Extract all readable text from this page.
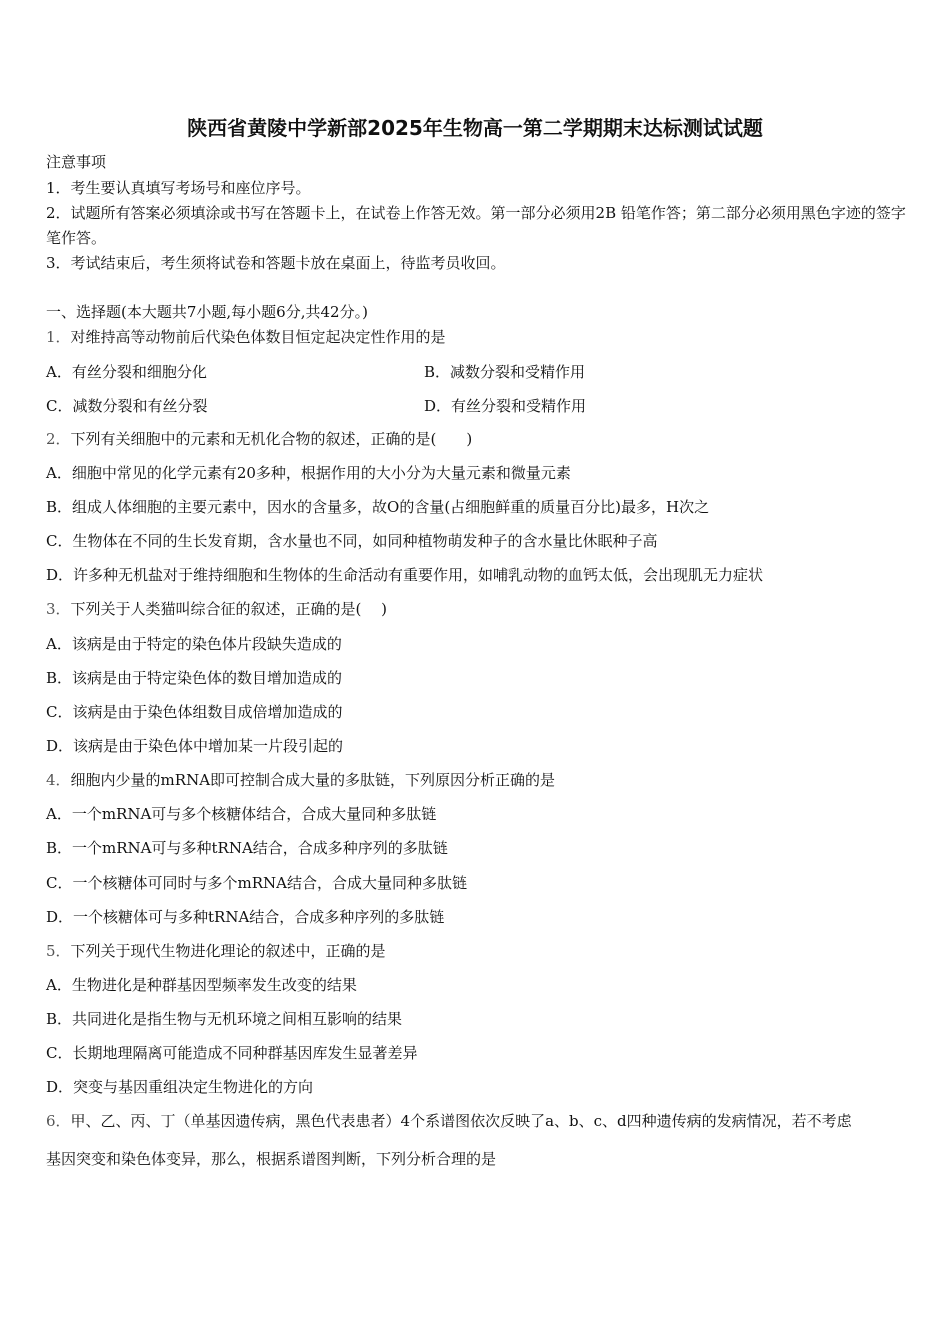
陕西省黄陵中学新部2025年生物高一第二学期期末达标测试试题
注意事项
1．考生要认真填写考场号和座位序号。
2．试题所有答案必须填涂或书写在答题卡上，在试卷上作答无效。第一部分必须用2B 铅笔作答；第二部分必须用黑色字迹的签字笔作答。
3．考试结束后，考生须将试卷和答题卡放在桌面上，待监考员收回。
一、选择题(本大题共7小题,每小题6分,共42分。)
1．对维持高等动物前后代染色体数目恒定起决定性作用的是
A．有丝分裂和细胞分化	B．减数分裂和受精作用
C．减数分裂和有丝分裂	D．有丝分裂和受精作用
2．下列有关细胞中的元素和无机化合物的叙述，正确的是(　　)
A．细胞中常见的化学元素有20多种，根据作用的大小分为大量元素和微量元素
B．组成人体细胞的主要元素中，因水的含量多，故O的含量(占细胞鲜重的质量百分比)最多，H次之
C．生物体在不同的生长发育期，含水量也不同，如同种植物萌发种子的含水量比休眠种子高
D．许多种无机盐对于维持细胞和生物体的生命活动有重要作用，如哺乳动物的血钙太低，会出现肌无力症状
3．下列关于人类猫叫综合征的叙述，正确的是(　 )
A．该病是由于特定的染色体片段缺失造成的
B．该病是由于特定染色体的数目增加造成的
C．该病是由于染色体组数目成倍增加造成的
D．该病是由于染色体中增加某一片段引起的
4．细胞内少量的mRNA即可控制合成大量的多肽链，下列原因分析正确的是
A．一个mRNA可与多个核糖体结合，合成大量同种多肽链
B．一个mRNA可与多种tRNA结合，合成多种序列的多肽链
C．一个核糖体可同时与多个mRNA结合，合成大量同种多肽链
D．一个核糖体可与多种tRNA结合，合成多种序列的多肽链
5．下列关于现代生物进化理论的叙述中，正确的是
A．生物进化是种群基因型频率发生改变的结果
B．共同进化是指生物与无机环境之间相互影响的结果
C．长期地理隔离可能造成不同种群基因库发生显著差异
D．突变与基因重组决定生物进化的方向
6．甲、乙、丙、丁（单基因遗传病，黑色代表患者）4个系谱图依次反映了a、b、c、d四种遗传病的发病情况，若不考虑
基因突变和染色体变异，那么，根据系谱图判断，下列分析合理的是
